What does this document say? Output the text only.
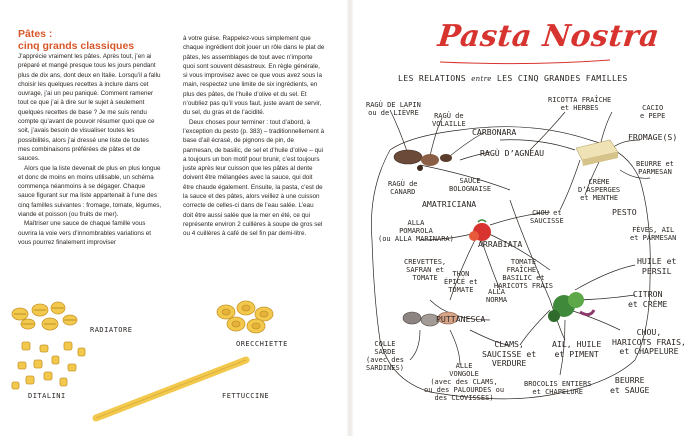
Pâtes :
cinq grands classiques

J’apprécie vraiment les pâtes. Après tout, j’en ai préparé et mangé presque tous les jours pendant plus de dix ans, dont deux en Italie. Lorsqu’il a fallu choisir les quelques recettes à inclure dans cet ouvrage, j’ai un peu paniqué. Comment ramener tout ce que j’ai à dire sur le sujet à seulement quelques recettes de base ? Je me suis rendu compte qu’avant de pouvoir résumer quoi que ce soit, j’avais besoin de visualiser toutes les possibilités, alors j’ai dressé une liste de toutes mes combinaisons préférées de pâtes et de sauces.

Alors que la liste devenait de plus en plus longue et donc de moins en moins utilisable, un schéma commença néanmoins à se dégager. Chaque sauce figurant sur ma liste appartenait à l’une des cinq familles suivantes : fromage, tomate, légumes, viande et poisson (ou fruits de mer).

Maîtriser une sauce de chaque famille vous ouvrira la voie vers d’innombrables variations et vous pourrez finalement improviser

à votre guise. Rappelez-vous simplement que chaque ingrédient doit jouer un rôle dans le plat de pâtes, les assemblages de tout avec n’importe quoi sont souvent désastreux. En règle générale, si vous improvisez avec ce que vous avez sous la main, respectez une limite de six ingrédients, en plus des pâtes, de l’huile d’olive et du sel. Et n’oubliez pas qu’il vous faut, juste avant de servir, du sel, du gras et de l’acidité.

Deux choses pour terminer : tout d’abord, à l’exception du pesto (p. 383) – traditionnellement à base d’ail écrasé, de pignons de pin, de parmesan, de basilic, de sel et d’huile d’olive – qui a toujours un bon motif pour brunir, c’est toujours juste après leur cuisson que les pâtes al dente doivent être mélangées avec la sauce, qui doit être chaude également. Ensuite, la pasta, c’est de la sauce et des pâtes, alors veillez à une cuisson correcte de celles-ci dans de l’eau salée. L’eau doit être aussi salée que la mer en été, ce qui représente environ 2 cuillères à soupe de gros sel ou 4 cuillères à café de sel fin par demi-litre.

RADIATORE
ORECCHIETTE
DITALINI	FETTUCCINE
Pasta Nostra
LES RELATIONS entre LES CINQ GRANDES FAMILLES
RAGÙ DE LAPIN
ou de LIÈVRE	RAGÙ de
VOLAILLE
CARBONARA
RAGÙ D’AGNEAU
RAGÙ de
CANARD
SAUCE
BOLOGNAISE
AMATRICIANA
RICOTTA FRAÎCHE
et HERBES	CACIO
e PEPE
FROMAGE(S)
BEURRE et
PARMESAN
CRÈME
D’ASPERGES
et MENTHE
CHOU et
SAUCISSE
PESTO
FÈVES, AIL
et PARMESAN
HUILE et
PERSIL
CITRON
et CRÈME
ALLA
POMAROLA
(ou ALLA MARINARA)	ARRABIATA
CREVETTES,
SAFRAN et
TOMATE	THON
ÉPICÉ et
TOMATE
TOMATE
FRAÎCHE,
BASILIC et
HARICOTS FRAIS
ALLA
NORMA
PUTTANESCA
COLLE
SARDE
(avec des
SARDINES)	ALLE
VONGOLE
(avec des CLAMS,
ou des PALOURDES ou
des CLOVISSES)
CLAMS,
SAUCISSE et
VERDURE
AIL, HUILE
et PIMENT
CHOU,
HARICOTS FRAIS,
et CHAPELURE
BROCOLIS ENTIERS
et CHAPELURE
BEURRE
et SAUGE
